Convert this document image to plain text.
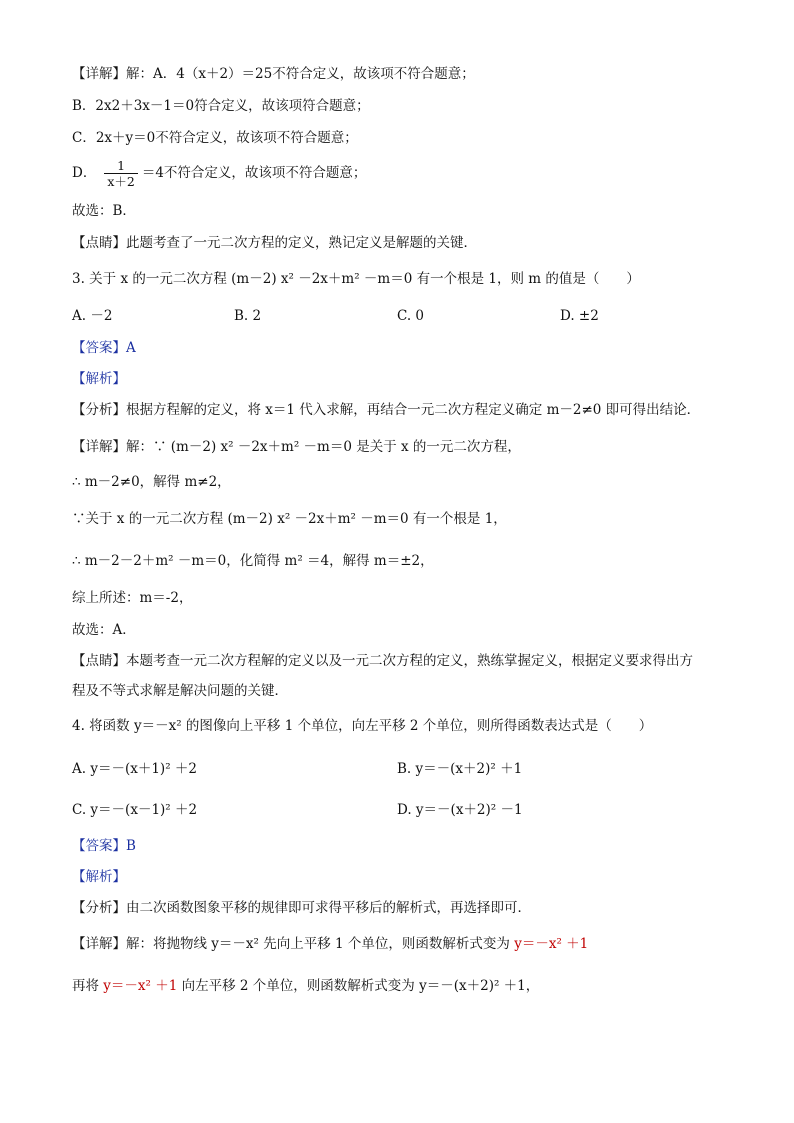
【详解】解：A．4（x＋2）＝25不符合定义，故该项不符合题意；
B．2x2＋3x－1＝0符合定义，故该项符合题意；
C．2x＋y＝0不符合定义，故该项不符合题意；
D． $\frac{1}{x+2} =4$不符合定义，故该项不符合题意；
故选：B．
【点睛】此题考查了一元二次方程的定义，熟记定义是解题的关键．
3. 关于 x 的一元二次方程 (m－2) x² －2x＋m² －m＝0 有一个根是 1，则 m 的值是（　　）
A. －2	B. 2	C. 0	D. ±2
【答案】A
【解析】
【分析】根据方程解的定义，将 x＝1 代入求解，再结合一元二次方程定义确定 m－2≠0 即可得出结论．
【详解】解：∵ (m－2) x² －2x＋m² －m＝0 是关于 x 的一元二次方程，
∴ m－2≠0，解得 m≠2，
∵关于 x 的一元二次方程 (m－2) x² －2x＋m² －m＝0 有一个根是 1，
∴ m－2－2＋m² －m＝0，化简得 m² ＝4，解得 m＝±2，
综上所述：m＝-2，
故选：A．
【点睛】本题考查一元二次方程解的定义以及一元二次方程的定义，熟练掌握定义，根据定义要求得出方
程及不等式求解是解决问题的关键．
4. 将函数 y＝－x² 的图像向上平移 1 个单位，向左平移 2 个单位，则所得函数表达式是（　　）
A. y＝－(x＋1)² ＋2	B. y＝－(x＋2)² ＋1
C. y＝－(x－1)² ＋2	D. y＝－(x＋2)² －1
【答案】B
【解析】
【分析】由二次函数图象平移的规律即可求得平移后的解析式，再选择即可．
【详解】解：将抛物线 y＝－x² 先向上平移 1 个单位，则函数解析式变为 y＝－x² ＋1
再将 y＝－x² ＋1 向左平移 2 个单位，则函数解析式变为 y＝－(x＋2)² ＋1，
